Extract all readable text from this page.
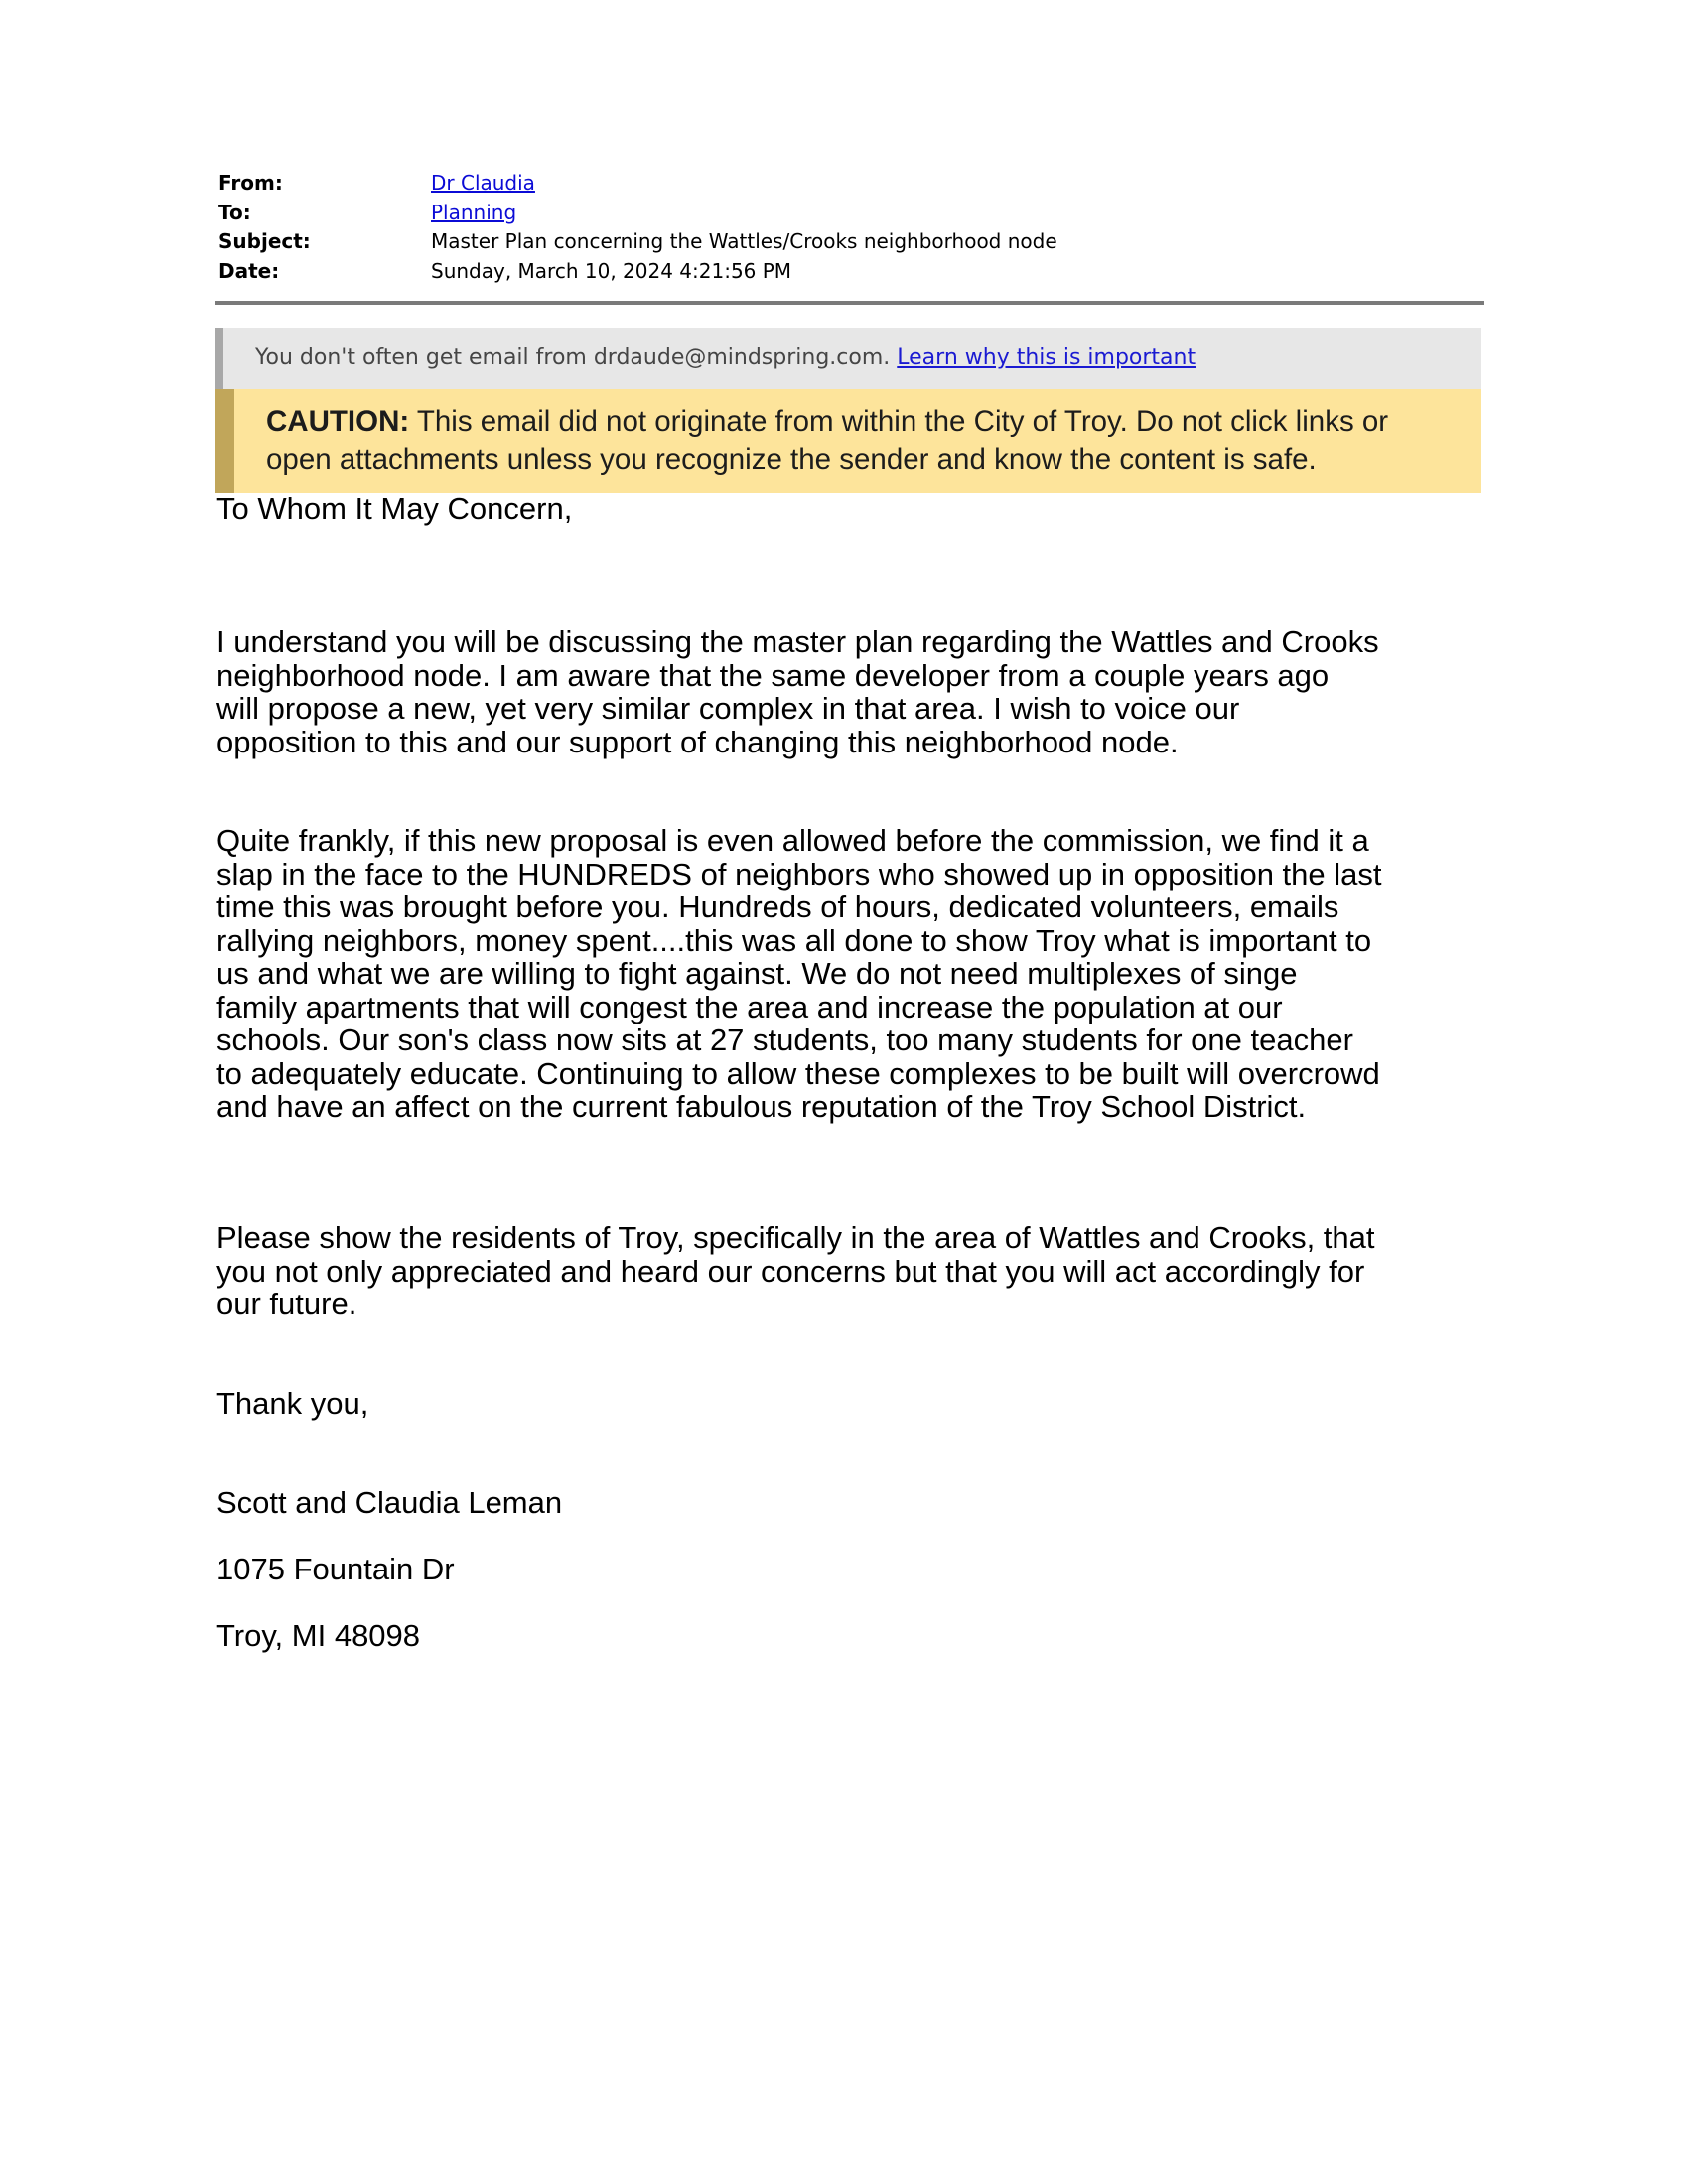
From:	Dr Claudia
To:	Planning
Subject:	Master Plan concerning the Wattles/Crooks neighborhood node
Date:	Sunday, March 10, 2024 4:21:56 PM
You don't often get email from drdaude@mindspring.com. Learn why this is important
CAUTION: This email did not originate from within the City of Troy. Do not click links or
open attachments unless you recognize the sender and know the content is safe.

To Whom It May Concern,

I understand you will be discussing the master plan regarding the Wattles and Crooks

neighborhood node. I am aware that the same developer from a couple years ago

will propose a new, yet very similar complex in that area. I wish to voice our

opposition to this and our support of changing this neighborhood node.

Quite frankly, if this new proposal is even allowed before the commission, we find it a

slap in the face to the HUNDREDS of neighbors who showed up in opposition the last

time this was brought before you. Hundreds of hours, dedicated volunteers, emails

rallying neighbors, money spent....this was all done to show Troy what is important to

us and what we are willing to fight against. We do not need multiplexes of singe

family apartments that will congest the area and increase the population at our

schools. Our son's class now sits at 27 students, too many students for one teacher

to adequately educate. Continuing to allow these complexes to be built will overcrowd

and have an affect on the current fabulous reputation of the Troy School District.

Please show the residents of Troy, specifically in the area of Wattles and Crooks, that

you not only appreciated and heard our concerns but that you will act accordingly for

our future.

Thank you,

Scott and Claudia Leman

1075 Fountain Dr

Troy, MI 48098
